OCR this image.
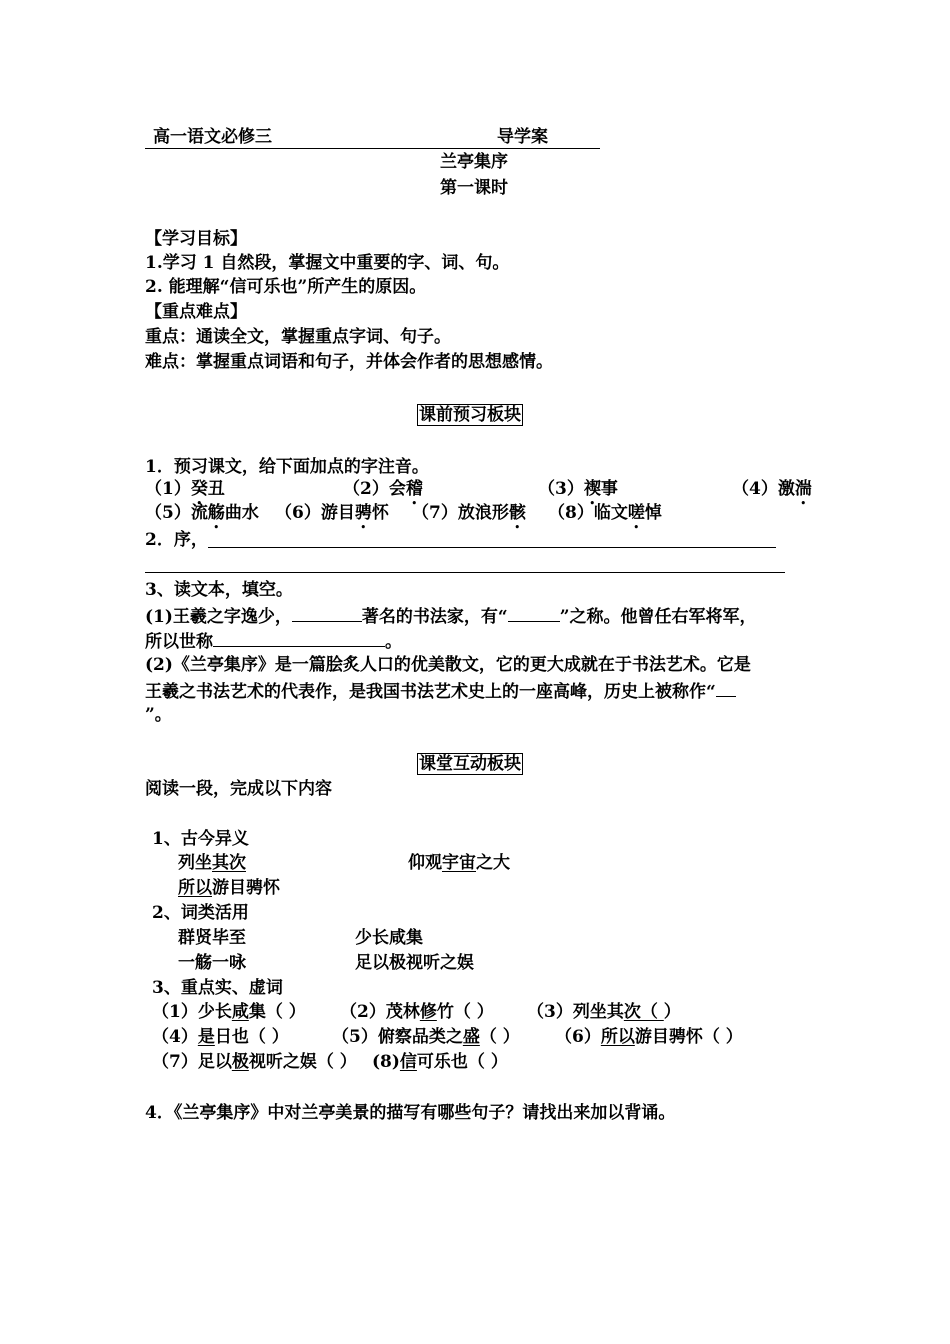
高一语文必修三	导学案
兰亭集序
第一课时
【学习目标】
1.学习 1 自然段，掌握文中重要的字、词、句。
2. 能理解“信可乐也”所产生的原因。
【重点难点】
重点：通读全文，掌握重点字词、句子。
难点：掌握重点词语和句子，并体会作者的思想感情。
课前预习板块
1．预习课文，给下面加点的字注音。
（1）癸丑	（2）会稽	（3）禊事	（4）激湍
（5）流觞曲水 （6）游目骋怀 （7）放浪形骸 （8）临文嗟悼
2．序，
3、读文本，填空。
(1)王羲之字逸少，	著名的书法家，有“	”之称。他曾任右军将军，
所以世称	。
(2)《兰亭集序》是一篇脍炙人口的优美散文，它的更大成就在于书法艺术。它是
王羲之书法艺术的代表作，是我国书法艺术史上的一座高峰，历史上被称作“
”。
课堂互动板块
阅读一段，完成以下内容
1、古今异义
列坐其次	仰观宇宙之大
所以游目骋怀
2、词类活用
群贤毕至	少长咸集
一觞一咏	足以极视听之娱
3、重点实、虚词
（1）少长咸集（ ） （2）茂林修竹（ ） （3）列坐其次（ ）
（4）是日也（ ）	（5）俯察品类之盛（ ） （6）所以游目骋怀（ ）
（7）足以极视听之娱（ ） (8)信可乐也（ ）
4．《兰亭集序》中对兰亭美景的描写有哪些句子？请找出来加以背诵。
